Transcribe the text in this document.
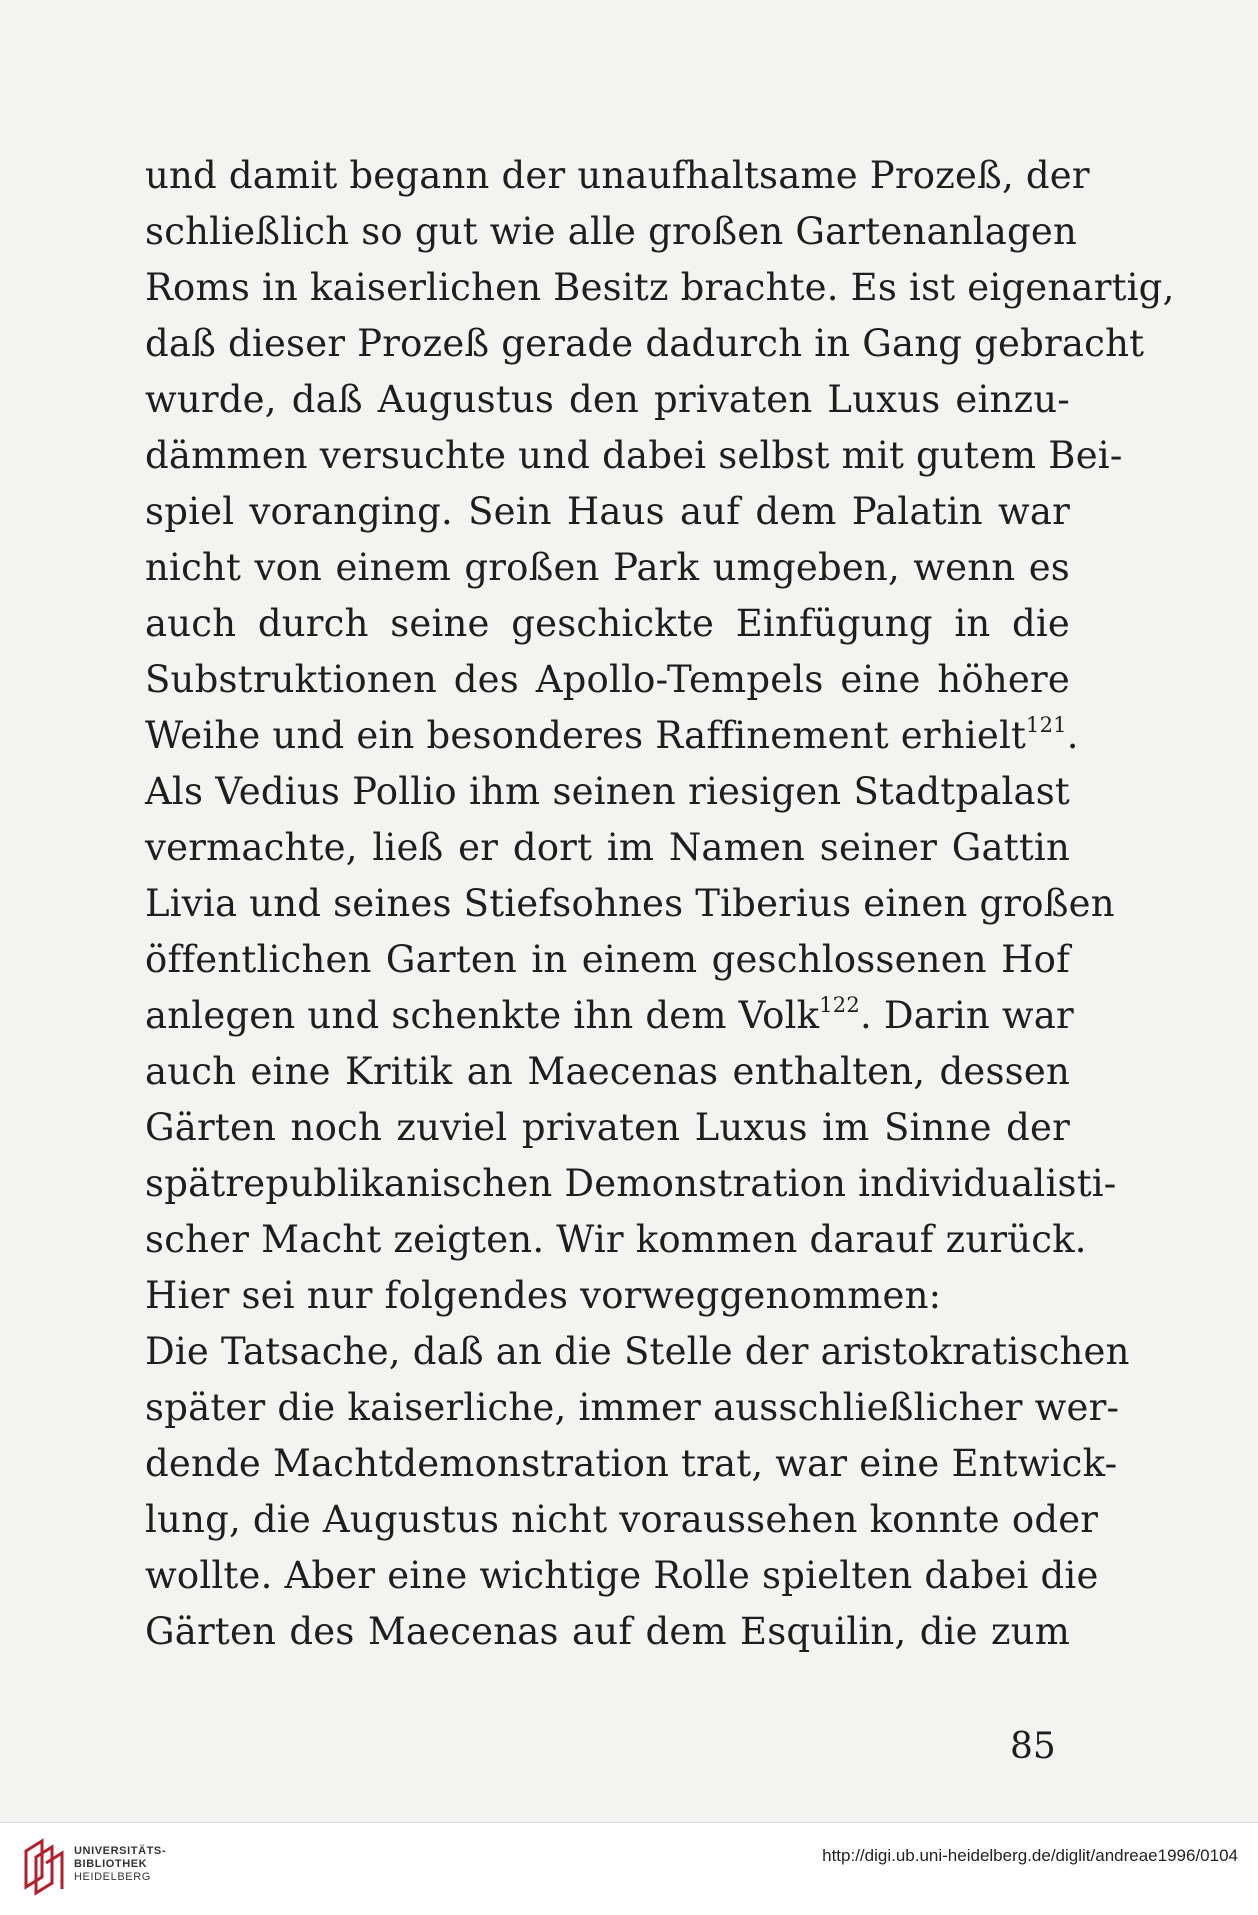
und damit begann der unaufhaltsame Prozeß, der
schließlich so gut wie alle großen Gartenanlagen
Roms in kaiserlichen Besitz brachte. Es ist eigenartig,
daß dieser Prozeß gerade dadurch in Gang gebracht
wurde, daß Augustus den privaten Luxus einzu-
dämmen versuchte und dabei selbst mit gutem Bei-
spiel voranging. Sein Haus auf dem Palatin war
nicht von einem großen Park umgeben, wenn es
auch durch seine geschickte Einfügung in die
Substruktionen des Apollo-Tempels eine höhere
Weihe und ein besonderes Raffinement erhielt$^{121}$.
Als Vedius Pollio ihm seinen riesigen Stadtpalast
vermachte, ließ er dort im Namen seiner Gattin
Livia und seines Stiefsohnes Tiberius einen großen
öffentlichen Garten in einem geschlossenen Hof
anlegen und schenkte ihn dem Volk$^{122}$. Darin war
auch eine Kritik an Maecenas enthalten, dessen
Gärten noch zuviel privaten Luxus im Sinne der
spätrepublikanischen Demonstration individualisti-
scher Macht zeigten. Wir kommen darauf zurück.
Hier sei nur folgendes vorweggenommen:
Die Tatsache, daß an die Stelle der aristokratischen
später die kaiserliche, immer ausschließlicher wer-
dende Machtdemonstration trat, war eine Entwick-
lung, die Augustus nicht voraussehen konnte oder
wollte. Aber eine wichtige Rolle spielten dabei die
Gärten des Maecenas auf dem Esquilin, die zum
85
UNIVERSITÄTS-
BIBLIOTHEK
HEIDELBERG
http://digi.ub.uni-heidelberg.de/diglit/andreae1996/0104
